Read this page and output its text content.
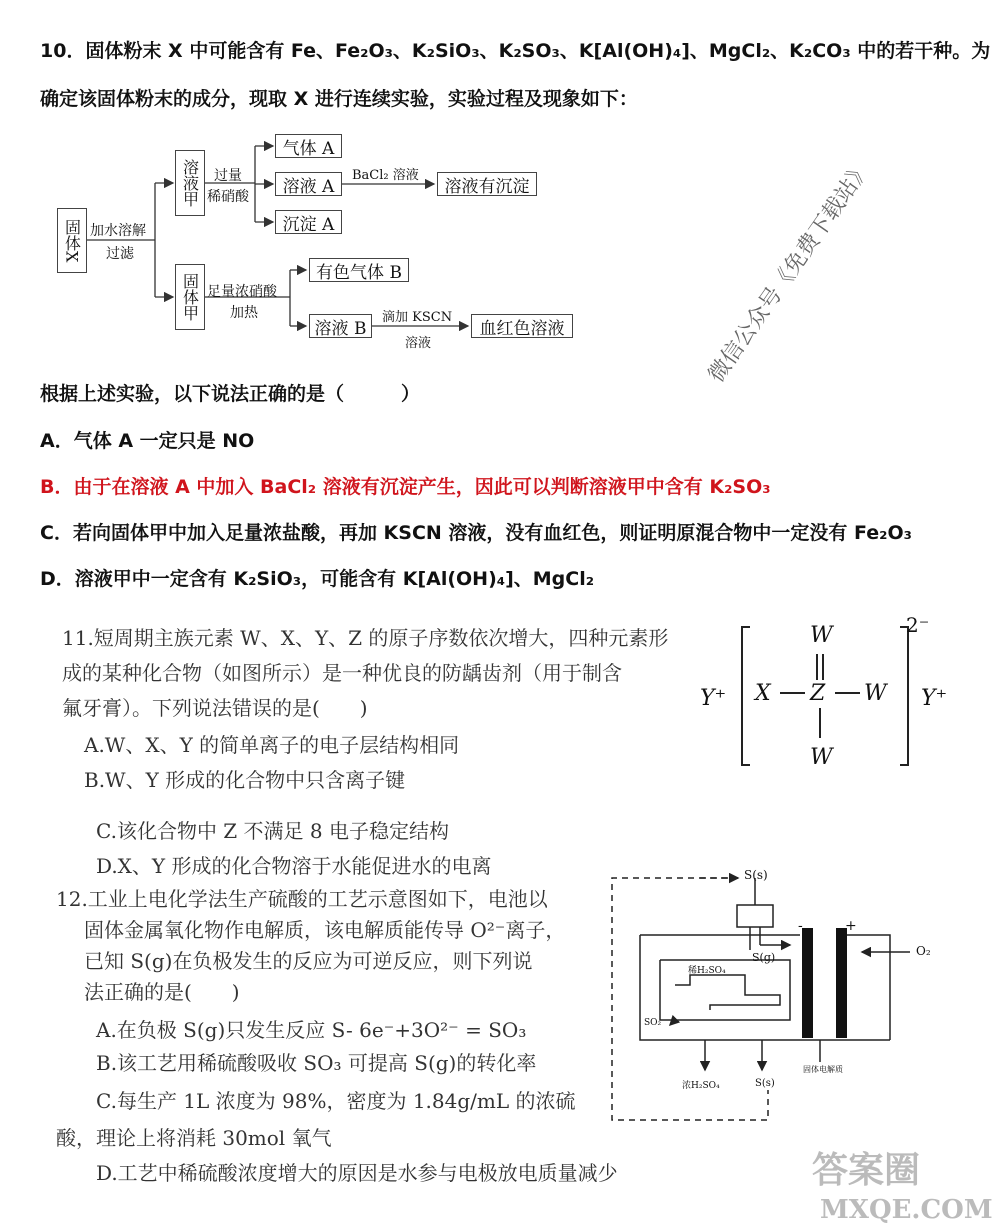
10．固体粉末 X 中可能含有 Fe、Fe₂O₃、K₂SiO₃、K₂SO₃、K[Al(OH)₄]、MgCl₂、K₂CO₃ 中的若干种。为
确定该固体粉末的成分，现取 X 进行连续实验，实验过程及现象如下：
固体X 加水溶解
过滤
溶液甲
固体甲
过量
稀硝酸
气体 A
溶液 A
沉淀 A
BaCl₂ 溶液
溶液有沉淀
足量浓硝酸
加热
有色气体 B
溶液 B
滴加 KSCN
溶液
血红色溶液	微信公众号《免费下载站》
根据上述实验，以下说法正确的是（　　　）
A．气体 A 一定只是 NO
B．由于在溶液 A 中加入 BaCl₂ 溶液有沉淀产生，因此可以判断溶液甲中含有 K₂SO₃
C．若向固体甲中加入足量浓盐酸，再加 KSCN 溶液，没有血红色，则证明原混合物中一定没有 Fe₂O₃
D．溶液甲中一定含有 K₂SiO₃，可能含有 K[Al(OH)₄]、MgCl₂
11.短周期主族元素 W、X、Y、Z 的原子序数依次增大，四种元素形
成的某种化合物（如图所示）是一种优良的防龋齿剂（用于制含
氟牙膏）。下列说法错误的是(　　)
A.W、X、Y 的简单离子的电子层结构相同
B.W、Y 形成的化合物中只含离子键
C.该化合物中 Z 不满足 8 电子稳定结构
D.X、Y 形成的化合物溶于水能促进水的电离
W
X Z W
W
Y⁺	Y⁺
2⁻
12.工业上电化学法生产硫酸的工艺示意图如下，电池以
固体金属氧化物作电解质，该电解质能传导 O²⁻离子，
已知 S(g)在负极发生的反应为可逆反应，则下列说
法正确的是(　　)
A.在负极 S(g)只发生反应 S- 6e⁻+3O²⁻ = SO₃
B.该工艺用稀硫酸吸收 SO₃ 可提高 S(g)的转化率
C.每生产 1L 浓度为 98%，密度为 1.84g/mL 的浓硫
酸，理论上将消耗 30mol 氧气
D.工艺中稀硫酸浓度增大的原因是水参与电极放电质量减少
S(s)
S(g)
-	+
O₂
稀H₂SO₄
SO₂
浓H₂SO₄	S(s)
固体电解质
答案圈
MXQE.COM
